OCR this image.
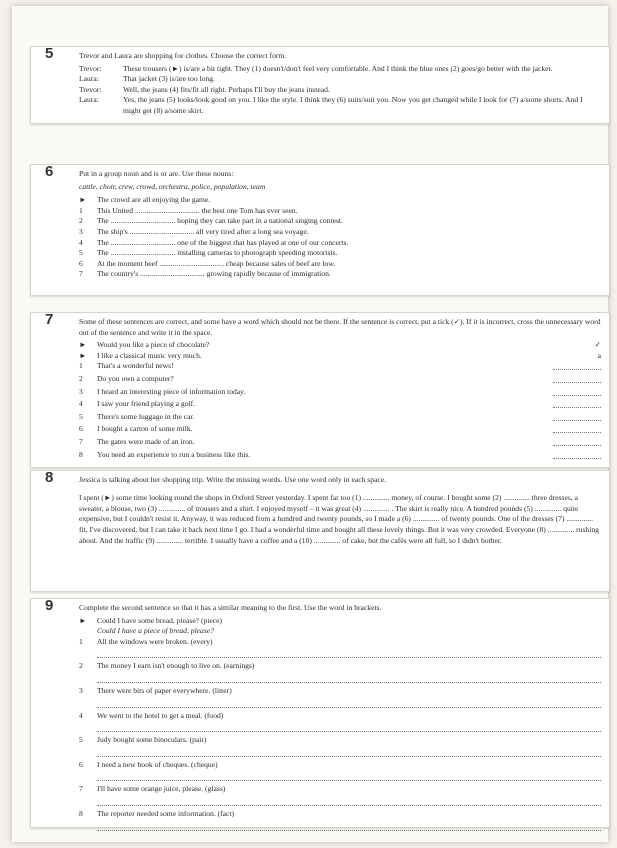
5	Trevor and Laura are shopping for clothes. Choose the correct form.

Trevor:	These trousers (►) is/are a bit tight. They (1) doesn't/don't feel very comfortable. And I think the blue ones (2) goes/go better with the jacket.
Laura:	That jacket (3) is/are too long.
Trevor:	Well, the jeans (4) fits/fit all right. Perhaps I'll buy the jeans instead.
Laura:	Yes, the jeans (5) looks/look good on you. I like the style. I think they (6) suits/suit you. Now you get changed while I look for (7) a/some shorts. And I might get (8) a/some skirt.
6	Put in a group noun and is or are. Use these nouns:

cattle, choir, crew, crowd, orchestra, police, population, team

►	The crowd are all enjoying the game.
1	This United .................................. the best one Tom has ever seen.
2	The .................................. hoping they can take part in a national singing contest.
3	The ship's .................................. all very tired after a long sea voyage.
4	The .................................. one of the biggest that has played at one of our concerts.
5	The .................................. installing cameras to photograph speeding motorists.
6	At the moment beef .................................. cheap because sales of beef are low.
7	The country's .................................. growing rapidly because of immigration.
7	Some of these sentences are correct, and some have a word which should not be there. If the sentence is correct, put a tick (✓). If it is incorrect, cross the unnecessary word out of the sentence and write it in the space.

►	Would you like a piece of chocolate?	✓
►	I like a classical music very much.	a
1	That's a wonderful news!
2	Do you own a computer?
3	I heard an interesting piece of information today.
4	I saw your friend playing a golf.
5	There's some luggage in the car.
6	I bought a carton of some milk.
7	The gates were made of an iron.
8	You need an experience to run a business like this.
8	Jessica is talking about her shopping trip. Write the missing words. Use one word only in each space.

I spent (►) some time looking round the shops in Oxford Street yesterday. I spent far too (1) .............. money, of course. I bought some (2) .............. three dresses, a sweater, a blouse, two (3) .............. of trousers and a shirt. I enjoyed myself – it was great (4) .............. . The skirt is really nice. A hundred pounds (5) .............. quite expensive, but I couldn't resist it. Anyway, it was reduced from a hundred and twenty pounds, so I made a (6) .............. of twenty pounds. One of the dresses (7) .............. fit, I've discovered, but I can take it back next time I go. I had a wonderful time and bought all these lovely things. But it was very crowded. Everyone (8) .............. rushing about. And the traffic (9) .............. terrible. I usually have a coffee and a (10) .............. of cake, but the cafés were all full, so I didn't bother.

9	Complete the second sentence so that it has a similar meaning to the first. Use the word in brackets.

►	Could I have some bread, please? (piece)
Could I have a piece of bread, please?
1	All the windows were broken. (every)
2	The money I earn isn't enough to live on. (earnings)
3	There were bits of paper everywhere. (litter)
4	We went to the hotel to get a meal. (food)
5	Judy bought some binoculars. (pair)
6	I need a new book of cheques. (cheque)
7	I'll have some orange juice, please. (glass)
8	The reporter needed some information. (fact)
